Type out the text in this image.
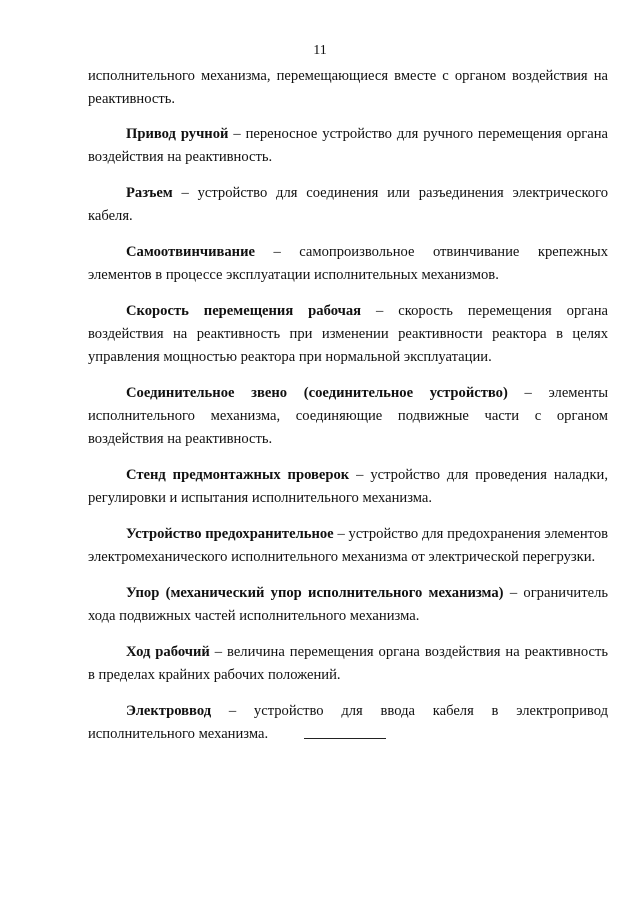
11

исполнительного механизма, перемещающиеся вместе с органом воздействия на реактивность.

Привод ручной – переносное устройство для ручного перемещения органа воздействия на реактивность.

Разъем – устройство для соединения или разъединения электрического кабеля.

Самоотвинчивание – самопроизвольное отвинчивание крепежных элементов в процессе эксплуатации исполнительных механизмов.

Скорость перемещения рабочая – скорость перемещения органа воздействия на реактивность при изменении реактивности реактора в целях управления мощностью реактора при нормальной эксплуатации.

Соединительное звено (соединительное устройство) – элементы исполнительного механизма, соединяющие подвижные части с органом воздействия на реактивность.

Стенд предмонтажных проверок – устройство для проведения наладки, регулировки и испытания исполнительного механизма.

Устройство предохранительное – устройство для предохранения элементов электромеханического исполнительного механизма от электрической перегрузки.

Упор (механический упор исполнительного механизма) – ограничитель хода подвижных частей исполнительного механизма.

Ход рабочий – величина перемещения органа воздействия на реактивность в пределах крайних рабочих положений.

Электроввод – устройство для ввода кабеля в электропривод исполнительного механизма.
